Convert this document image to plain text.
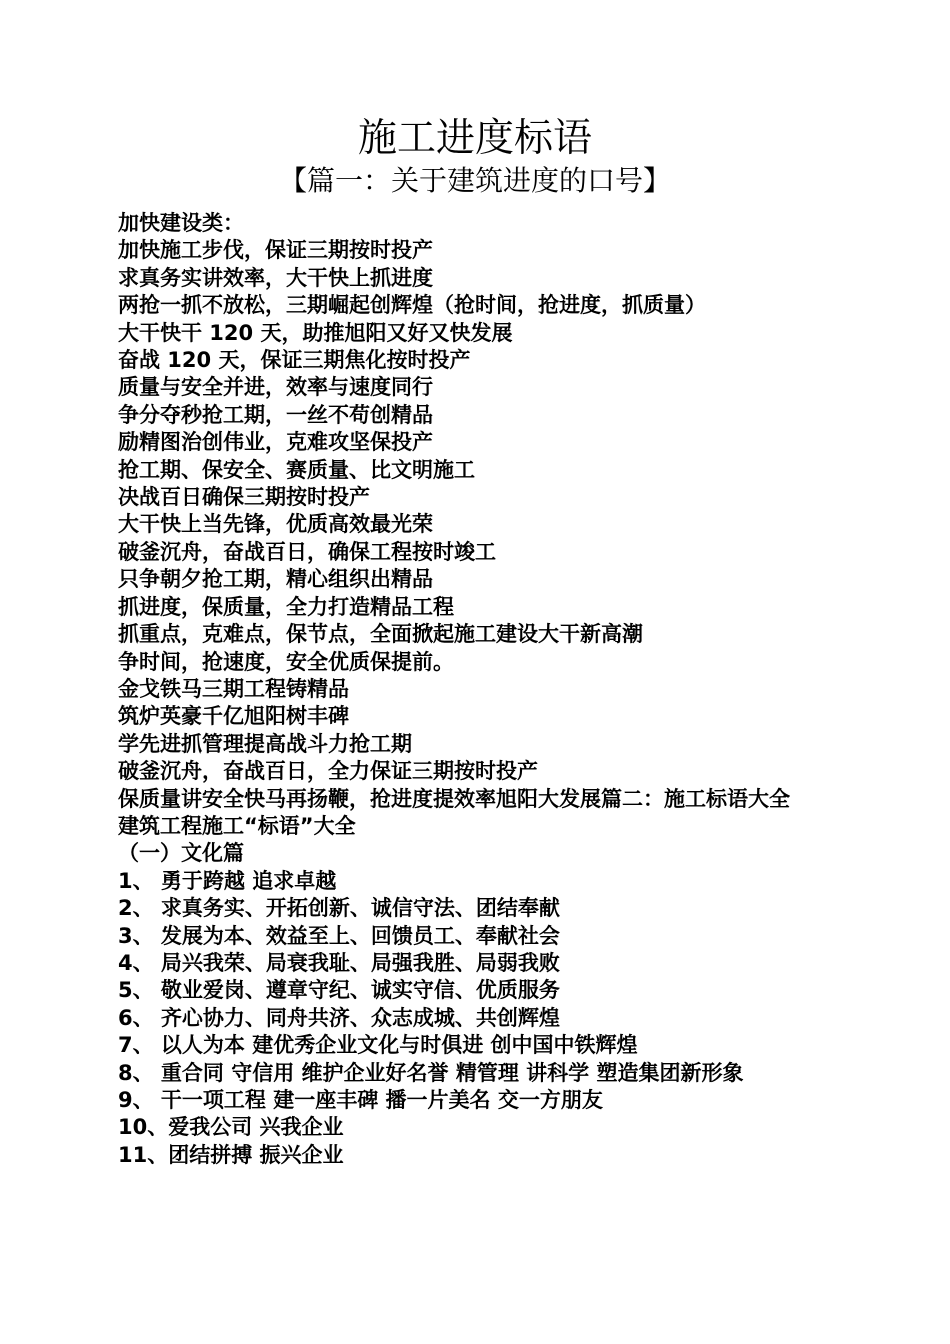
施工进度标语
【篇一：关于建筑进度的口号】
加快建设类：
加快施工步伐，保证三期按时投产
求真务实讲效率，大干快上抓进度
两抢一抓不放松，三期崛起创辉煌（抢时间，抢进度，抓质量）
大干快干 120 天，助推旭阳又好又快发展
奋战 120 天，保证三期焦化按时投产
质量与安全并进，效率与速度同行
争分夺秒抢工期，一丝不苟创精品
励精图治创伟业，克难攻坚保投产
抢工期、保安全、赛质量、比文明施工
决战百日确保三期按时投产
大干快上当先锋，优质高效最光荣
破釜沉舟，奋战百日，确保工程按时竣工
只争朝夕抢工期，精心组织出精品
抓进度，保质量，全力打造精品工程
抓重点，克难点，保节点，全面掀起施工建设大干新高潮
争时间，抢速度，安全优质保提前。
金戈铁马三期工程铸精品
筑炉英豪千亿旭阳树丰碑
学先进抓管理提高战斗力抢工期
破釜沉舟，奋战百日，全力保证三期按时投产
保质量讲安全快马再扬鞭，抢进度提效率旭阳大发展篇二：施工标语大全
建筑工程施工“标语”大全
（一）文化篇
1、 勇于跨越 追求卓越
2、 求真务实、开拓创新、诚信守法、团结奉献
3、 发展为本、效益至上、回馈员工、奉献社会
4、 局兴我荣、局衰我耻、局强我胜、局弱我败
5、 敬业爱岗、遵章守纪、诚实守信、优质服务
6、 齐心协力、同舟共济、众志成城、共创辉煌
7、 以人为本 建优秀企业文化与时俱进 创中国中铁辉煌
8、 重合同 守信用 维护企业好名誉 精管理 讲科学 塑造集团新形象
9、 干一项工程 建一座丰碑 播一片美名 交一方朋友
10、爱我公司 兴我企业
11、团结拼搏 振兴企业
